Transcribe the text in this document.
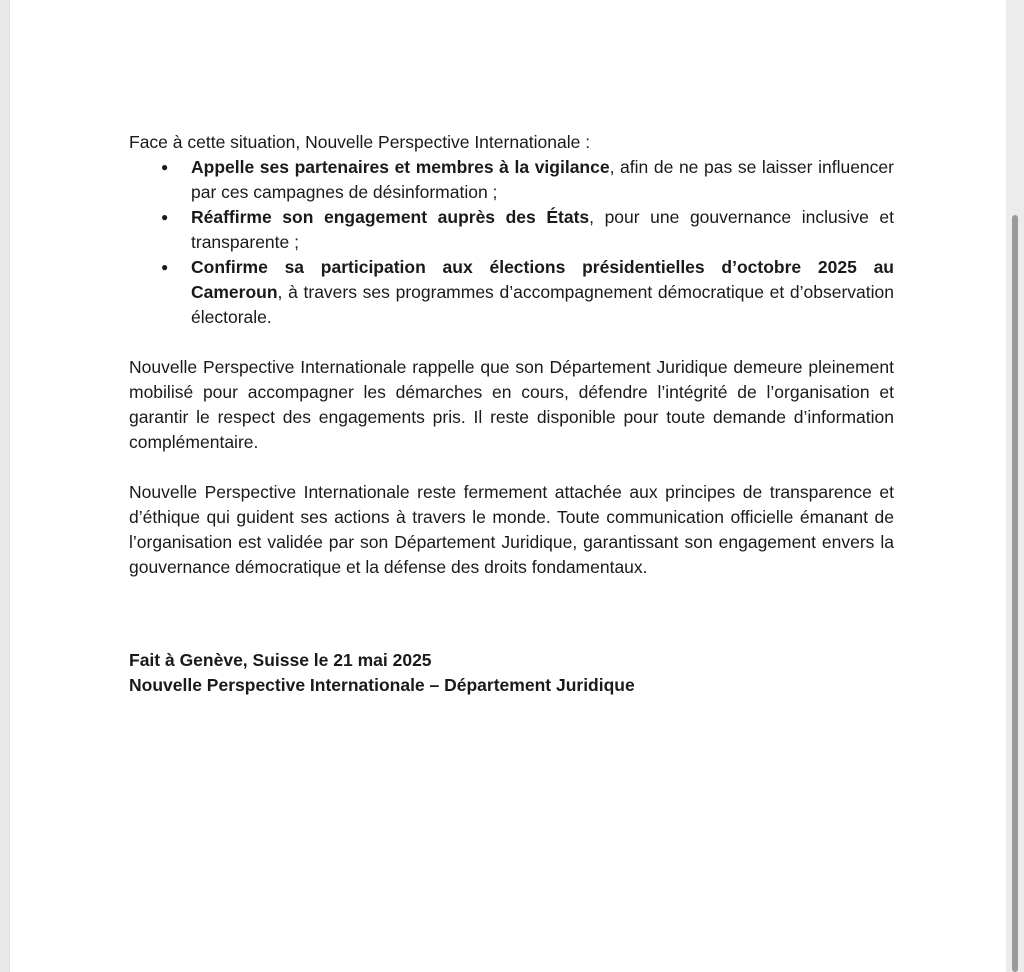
Face à cette situation, Nouvelle Perspective Internationale :

● Appelle ses partenaires et membres à la vigilance, afin de ne pas se laisser influencer par ces campagnes de désinformation ;
● Réaffirme son engagement auprès des États, pour une gouvernance inclusive et transparente ;
● Confirme sa participation aux élections présidentielles d’octobre 2025 au Cameroun, à travers ses programmes d’accompagnement démocratique et d’observation électorale.

Nouvelle Perspective Internationale rappelle que son Département Juridique demeure pleinement mobilisé pour accompagner les démarches en cours, défendre l’intégrité de l’organisation et garantir le respect des engagements pris. Il reste disponible pour toute demande d’information complémentaire.

Nouvelle Perspective Internationale reste fermement attachée aux principes de transparence et d’éthique qui guident ses actions à travers le monde. Toute communication officielle émanant de l’organisation est validée par son Département Juridique, garantissant son engagement envers la gouvernance démocratique et la défense des droits fondamentaux.

Fait à Genève, Suisse le 21 mai 2025
Nouvelle Perspective Internationale – Département Juridique
